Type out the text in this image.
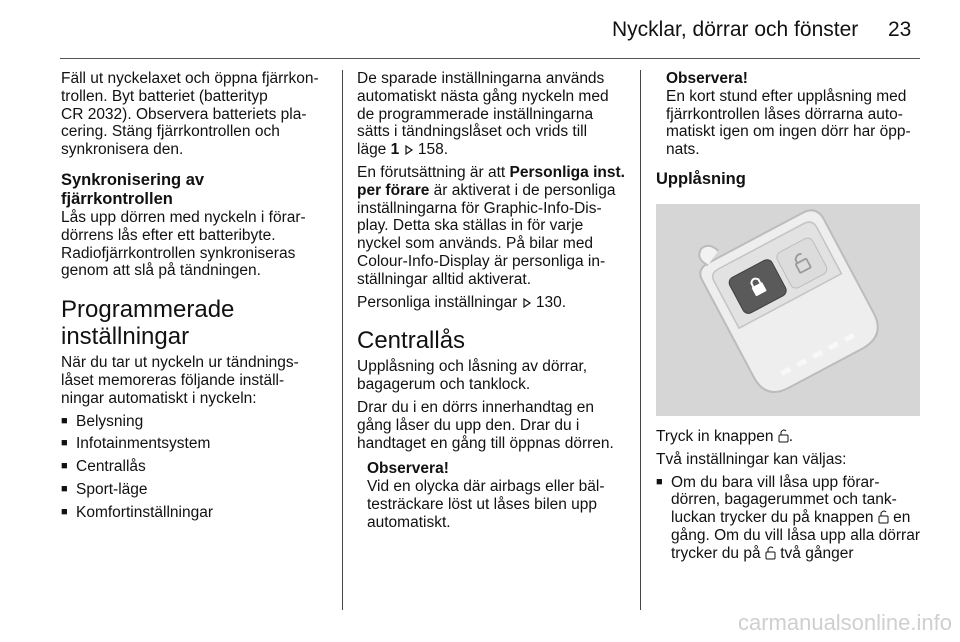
Nycklar, dörrar och fönster 23

Fäll ut nyckelaxet och öppna fjärrkon-
trollen. Byt batteriet (batterityp
CR 2032). Observera batteriets pla-
cering. Stäng fjärrkontrollen och
synkronisera den.

Synkronisering av
fjärrkontrollen

Lås upp dörren med nyckeln i förar-
dörrens lås efter ett batteribyte.
Radiofjärrkontrollen synkroniseras
genom att slå på tändningen.

Programmerade
inställningar

När du tar ut nyckeln ur tändnings-
låset memoreras följande inställ-
ningar automatiskt i nyckeln:

■ Belysning
■ Infotainmentsystem
■ Centrallås
■ Sport-läge
■ Komfortinställningar

De sparade inställningarna används
automatiskt nästa gång nyckeln med
de programmerade inställningarna
sätts i tändningslåset och vrids till
läge 1 158.

En förutsättning är att Personliga inst.
per förare är aktiverat i de personliga
inställningarna för Graphic-Info-Dis-
play. Detta ska ställas in för varje
nyckel som används. På bilar med
Colour-Info-Display är personliga in-
ställningar alltid aktiverat.

Personliga inställningar 130.

Centrallås

Upplåsning och låsning av dörrar,
bagagerum och tanklock.

Drar du i en dörrs innerhandtag en
gång låser du upp den. Drar du i
handtaget en gång till öppnas dörren.

Observera!
Vid en olycka där airbags eller bäl-
testräckare löst ut låses bilen upp
automatiskt.
Observera!
En kort stund efter upplåsning med
fjärrkontrollen låses dörrarna auto-
matiskt igen om ingen dörr har öpp-
nats.
Upplåsning

Tryck in knappen .

Två inställningar kan väljas:

■ Om du bara vill låsa upp förar-
dörren, bagagerummet och tank-
luckan trycker du på knappen  en
gång. Om du vill låsa upp alla dörrar
trycker du på  två gånger
carmanualsonline.info
